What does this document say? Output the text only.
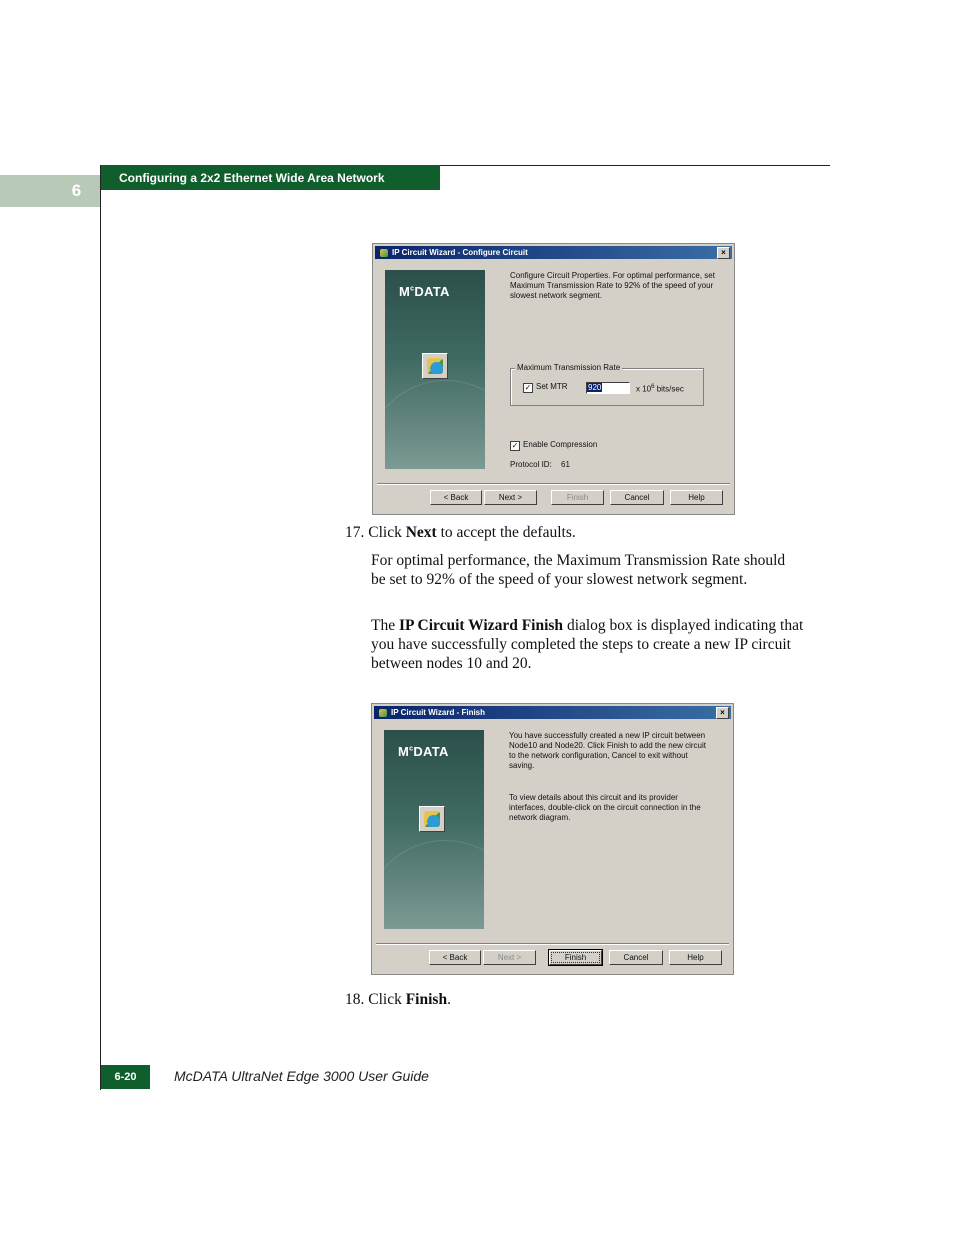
6
Configuring a 2x2 Ethernet Wide Area Network
IP Circuit Wizard - Configure Circuit	×
$M^cDATA$
Configure Circuit Properties. For optimal performance, set Maximum Transmission Rate to 92% of the speed of your slowest network segment.
Maximum Transmission Rate
✓ Set MTR	920	x $10^6$ bits/sec
✓ Enable Compression
Protocol ID: 61
< Back	Next >	Finish	Cancel	Help
17. Click Next to accept the defaults.
For optimal performance, the Maximum Transmission Rate should be set to 92% of the speed of your slowest network segment.
The IP Circuit Wizard Finish dialog box is displayed indicating that you have successfully completed the steps to create a new IP circuit between nodes 10 and 20.
IP Circuit Wizard - Finish	×
$M^cDATA$
You have successfully created a new IP circuit between Node10 and Node20. Click Finish to add the new circuit to the network configuration, Cancel to exit without saving.
To view details about this circuit and its provider interfaces, double-click on the circuit connection in the network diagram.
< Back	Next >	Finish	Cancel	Help
18. Click Finish.
6-20	McDATA UltraNet Edge 3000 User Guide
